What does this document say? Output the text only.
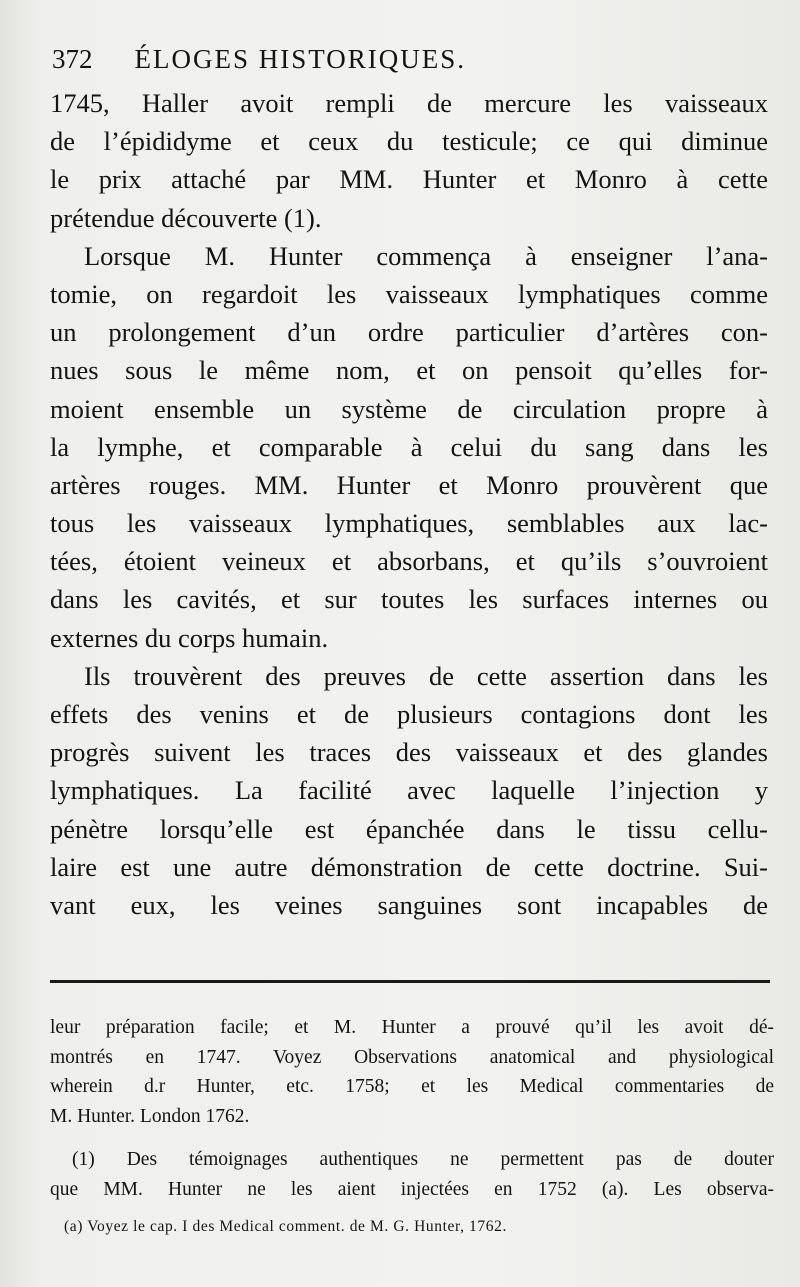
372 ÉLOGES HISTORIQUES.
1745, Haller avoit rempli de mercure les vaisseaux
de l’épididyme et ceux du testicule; ce qui diminue
le prix attaché par MM. Hunter et Monro à cette
prétendue découverte (1).
Lorsque M. Hunter commença à enseigner l’ana-
tomie, on regardoit les vaisseaux lymphatiques comme
un prolongement d’un ordre particulier d’artères con-
nues sous le même nom, et on pensoit qu’elles for-
moient ensemble un système de circulation propre à
la lymphe, et comparable à celui du sang dans les
artères rouges. MM. Hunter et Monro prouvèrent que
tous les vaisseaux lymphatiques, semblables aux lac-
tées, étoient veineux et absorbans, et qu’ils s’ouvroient
dans les cavités, et sur toutes les surfaces internes ou
externes du corps humain.
Ils trouvèrent des preuves de cette assertion dans les
effets des venins et de plusieurs contagions dont les
progrès suivent les traces des vaisseaux et des glandes
lymphatiques. La facilité avec laquelle l’injection y
pénètre lorsqu’elle est épanchée dans le tissu cellu-
laire est une autre démonstration de cette doctrine. Sui-
vant eux, les veines sanguines sont incapables de
leur préparation facile; et M. Hunter a prouvé qu’il les avoit dé-
montrés en 1747. Voyez Observations anatomical and physiological
wherein d.r Hunter, etc. 1758; et les Medical commentaries de
M. Hunter. London 1762.
(1) Des témoignages authentiques ne permettent pas de douter
que MM. Hunter ne les aient injectées en 1752 (a). Les observa-
(a) Voyez le cap. I des Medical comment. de M. G. Hunter, 1762.
